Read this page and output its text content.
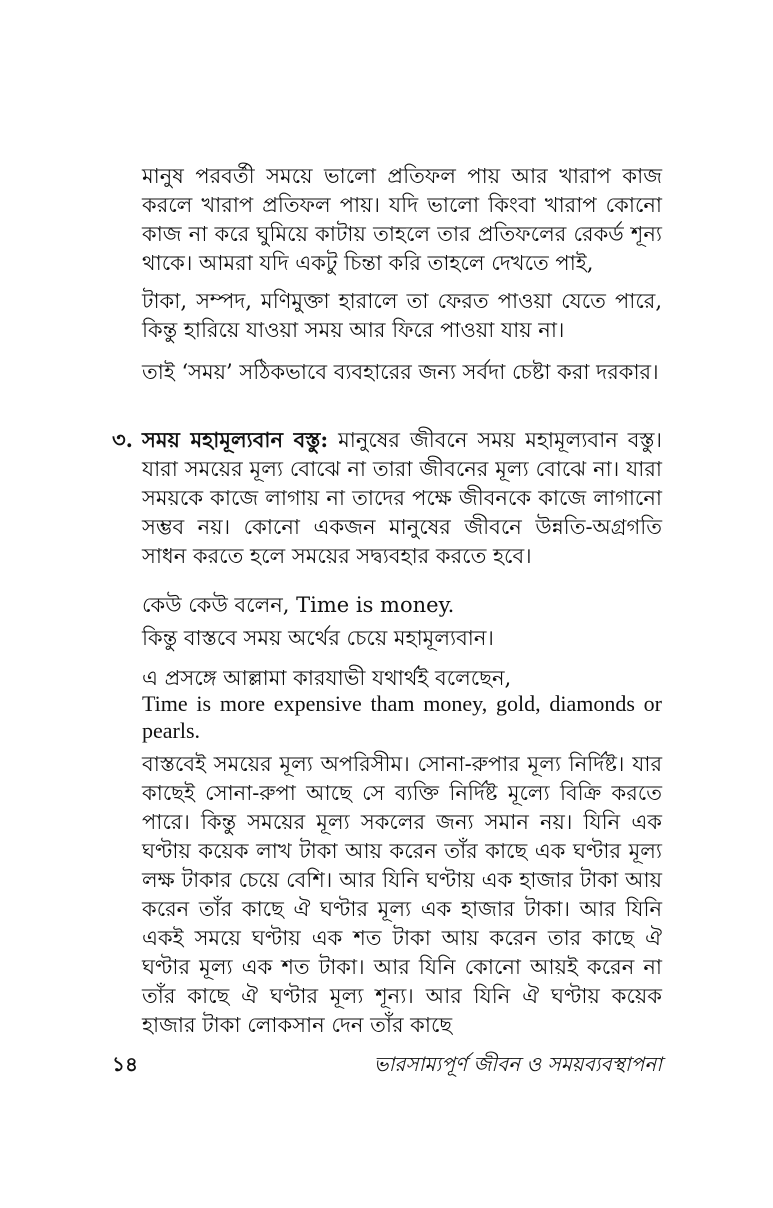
মানুষ পরবর্তী সময়ে ভালো প্রতিফল পায় আর খারাপ কাজ করলে খারাপ প্রতিফল পায়। যদি ভালো কিংবা খারাপ কোনো কাজ না করে ঘুমিয়ে কাটায় তাহলে তার প্রতিফলের রেকর্ড শূন্য থাকে। আমরা যদি একটু চিন্তা করি তাহলে দেখতে পাই,

টাকা, সম্পদ, মণিমুক্তা হারালে তা ফেরত পাওয়া যেতে পারে, কিন্তু হারিয়ে যাওয়া সময় আর ফিরে পাওয়া যায় না।

তাই ‘সময়’ সঠিকভাবে ব্যবহারের জন্য সর্বদা চেষ্টা করা দরকার।

৩. সময় মহামূল্যবান বস্তু: মানুষের জীবনে সময় মহামূল্যবান বস্তু। যারা সময়ের মূল্য বোঝে না তারা জীবনের মূল্য বোঝে না। যারা সময়কে কাজে লাগায় না তাদের পক্ষে জীবনকে কাজে লাগানো সম্ভব নয়। কোনো একজন মানুষের জীবনে উন্নতি-অগ্রগতি সাধন করতে হলে সময়ের সদ্ব্যবহার করতে হবে।

কেউ কেউ বলেন, Time is money.

কিন্তু বাস্তবে সময় অর্থের চেয়ে মহামূল্যবান।

এ প্রসঙ্গে আল্লামা কারযাভী যথার্থই বলেছেন,

Time is more expensive tham money, gold, diamonds or pearls.

বাস্তবেই সময়ের মূল্য অপরিসীম। সোনা-রুপার মূল্য নির্দিষ্ট। যার কাছেই সোনা-রুপা আছে সে ব্যক্তি নির্দিষ্ট মূল্যে বিক্রি করতে পারে। কিন্তু সময়ের মূল্য সকলের জন্য সমান নয়। যিনি এক ঘণ্টায় কয়েক লাখ টাকা আয় করেন তাঁর কাছে এক ঘণ্টার মূল্য লক্ষ টাকার চেয়ে বেশি। আর যিনি ঘণ্টায় এক হাজার টাকা আয় করেন তাঁর কাছে ঐ ঘণ্টার মূল্য এক হাজার টাকা। আর যিনি একই সময়ে ঘণ্টায় এক শত টাকা আয় করেন তার কাছে ঐ ঘণ্টার মূল্য এক শত টাকা। আর যিনি কোনো আয়ই করেন না তাঁর কাছে ঐ ঘণ্টার মূল্য শূন্য। আর যিনি ঐ ঘণ্টায় কয়েক হাজার টাকা লোকসান দেন তাঁর কাছে

১৪	ভারসাম্যপূর্ণ জীবন ও সময়ব্যবস্থাপনা
